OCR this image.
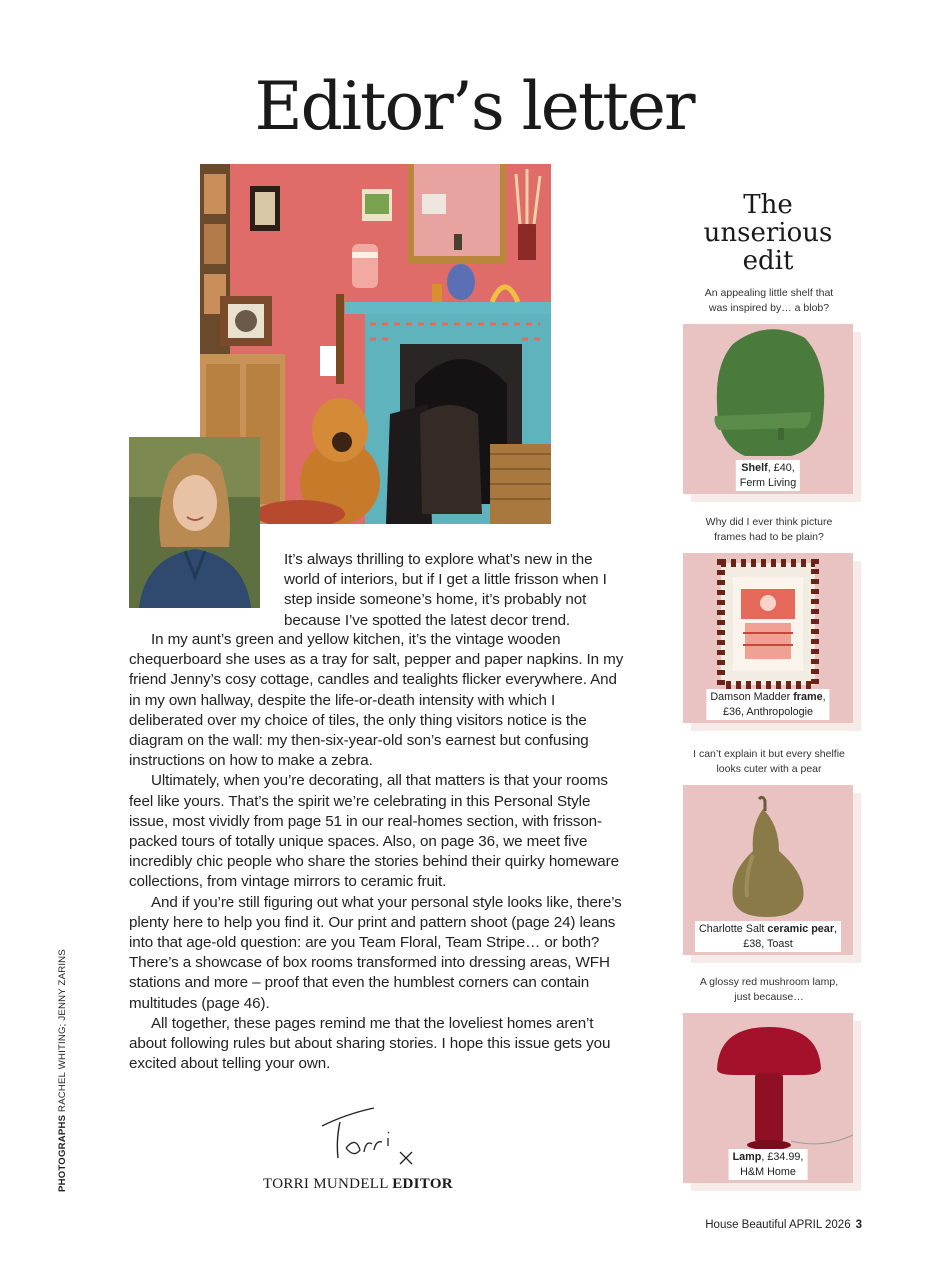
Editor’s letter
It’s always thrilling to explore what’s new in the world of interiors, but if I get a little frisson when I step inside someone’s home, it’s probably not because I’ve spotted the latest decor trend.

In my aunt’s green and yellow kitchen, it’s the vintage wooden chequerboard she uses as a tray for salt, pepper and paper napkins. In my friend Jenny’s cosy cottage, candles and tealights flicker everywhere. And in my own hallway, despite the life-or-death intensity with which I deliberated over my choice of tiles, the only thing visitors notice is the diagram on the wall: my then-six-year-old son’s earnest but confusing instructions on how to make a zebra.

Ultimately, when you’re decorating, all that matters is that your rooms feel like yours. That’s the spirit we’re celebrating in this Personal Style issue, most vividly from page 51 in our real-homes section, with frisson-packed tours of totally unique spaces. Also, on page 36, we meet five incredibly chic people who share the stories behind their quirky homeware collections, from vintage mirrors to ceramic fruit.

And if you’re still figuring out what your personal style looks like, there’s plenty here to help you find it. Our print and pattern shoot (page 24) leans into that age-old question: are you Team Floral, Team Stripe… or both? There’s a showcase of box rooms transformed into dressing areas, WFH stations and more – proof that even the humblest corners can contain multitudes (page 46).

All together, these pages remind me that the loveliest homes aren’t about following rules but about sharing stories. I hope this issue gets you excited about telling your own.

TORRI MUNDELL EDITOR
PHOTOGRAPHS RACHEL WHITING; JENNY ZARINS
The
unserious
edit
An appealing little shelf that
was inspired by… a blob?
Shelf, £40,
Ferm Living
Why did I ever think picture
frames had to be plain?
Damson Madder frame,
£36, Anthropologie
I can’t explain it but every shelfie
looks cuter with a pear
Charlotte Salt ceramic pear,
£38, Toast
A glossy red mushroom lamp,
just because…
Lamp, £34.99,
H&M Home
House Beautiful APRIL 2026 3
